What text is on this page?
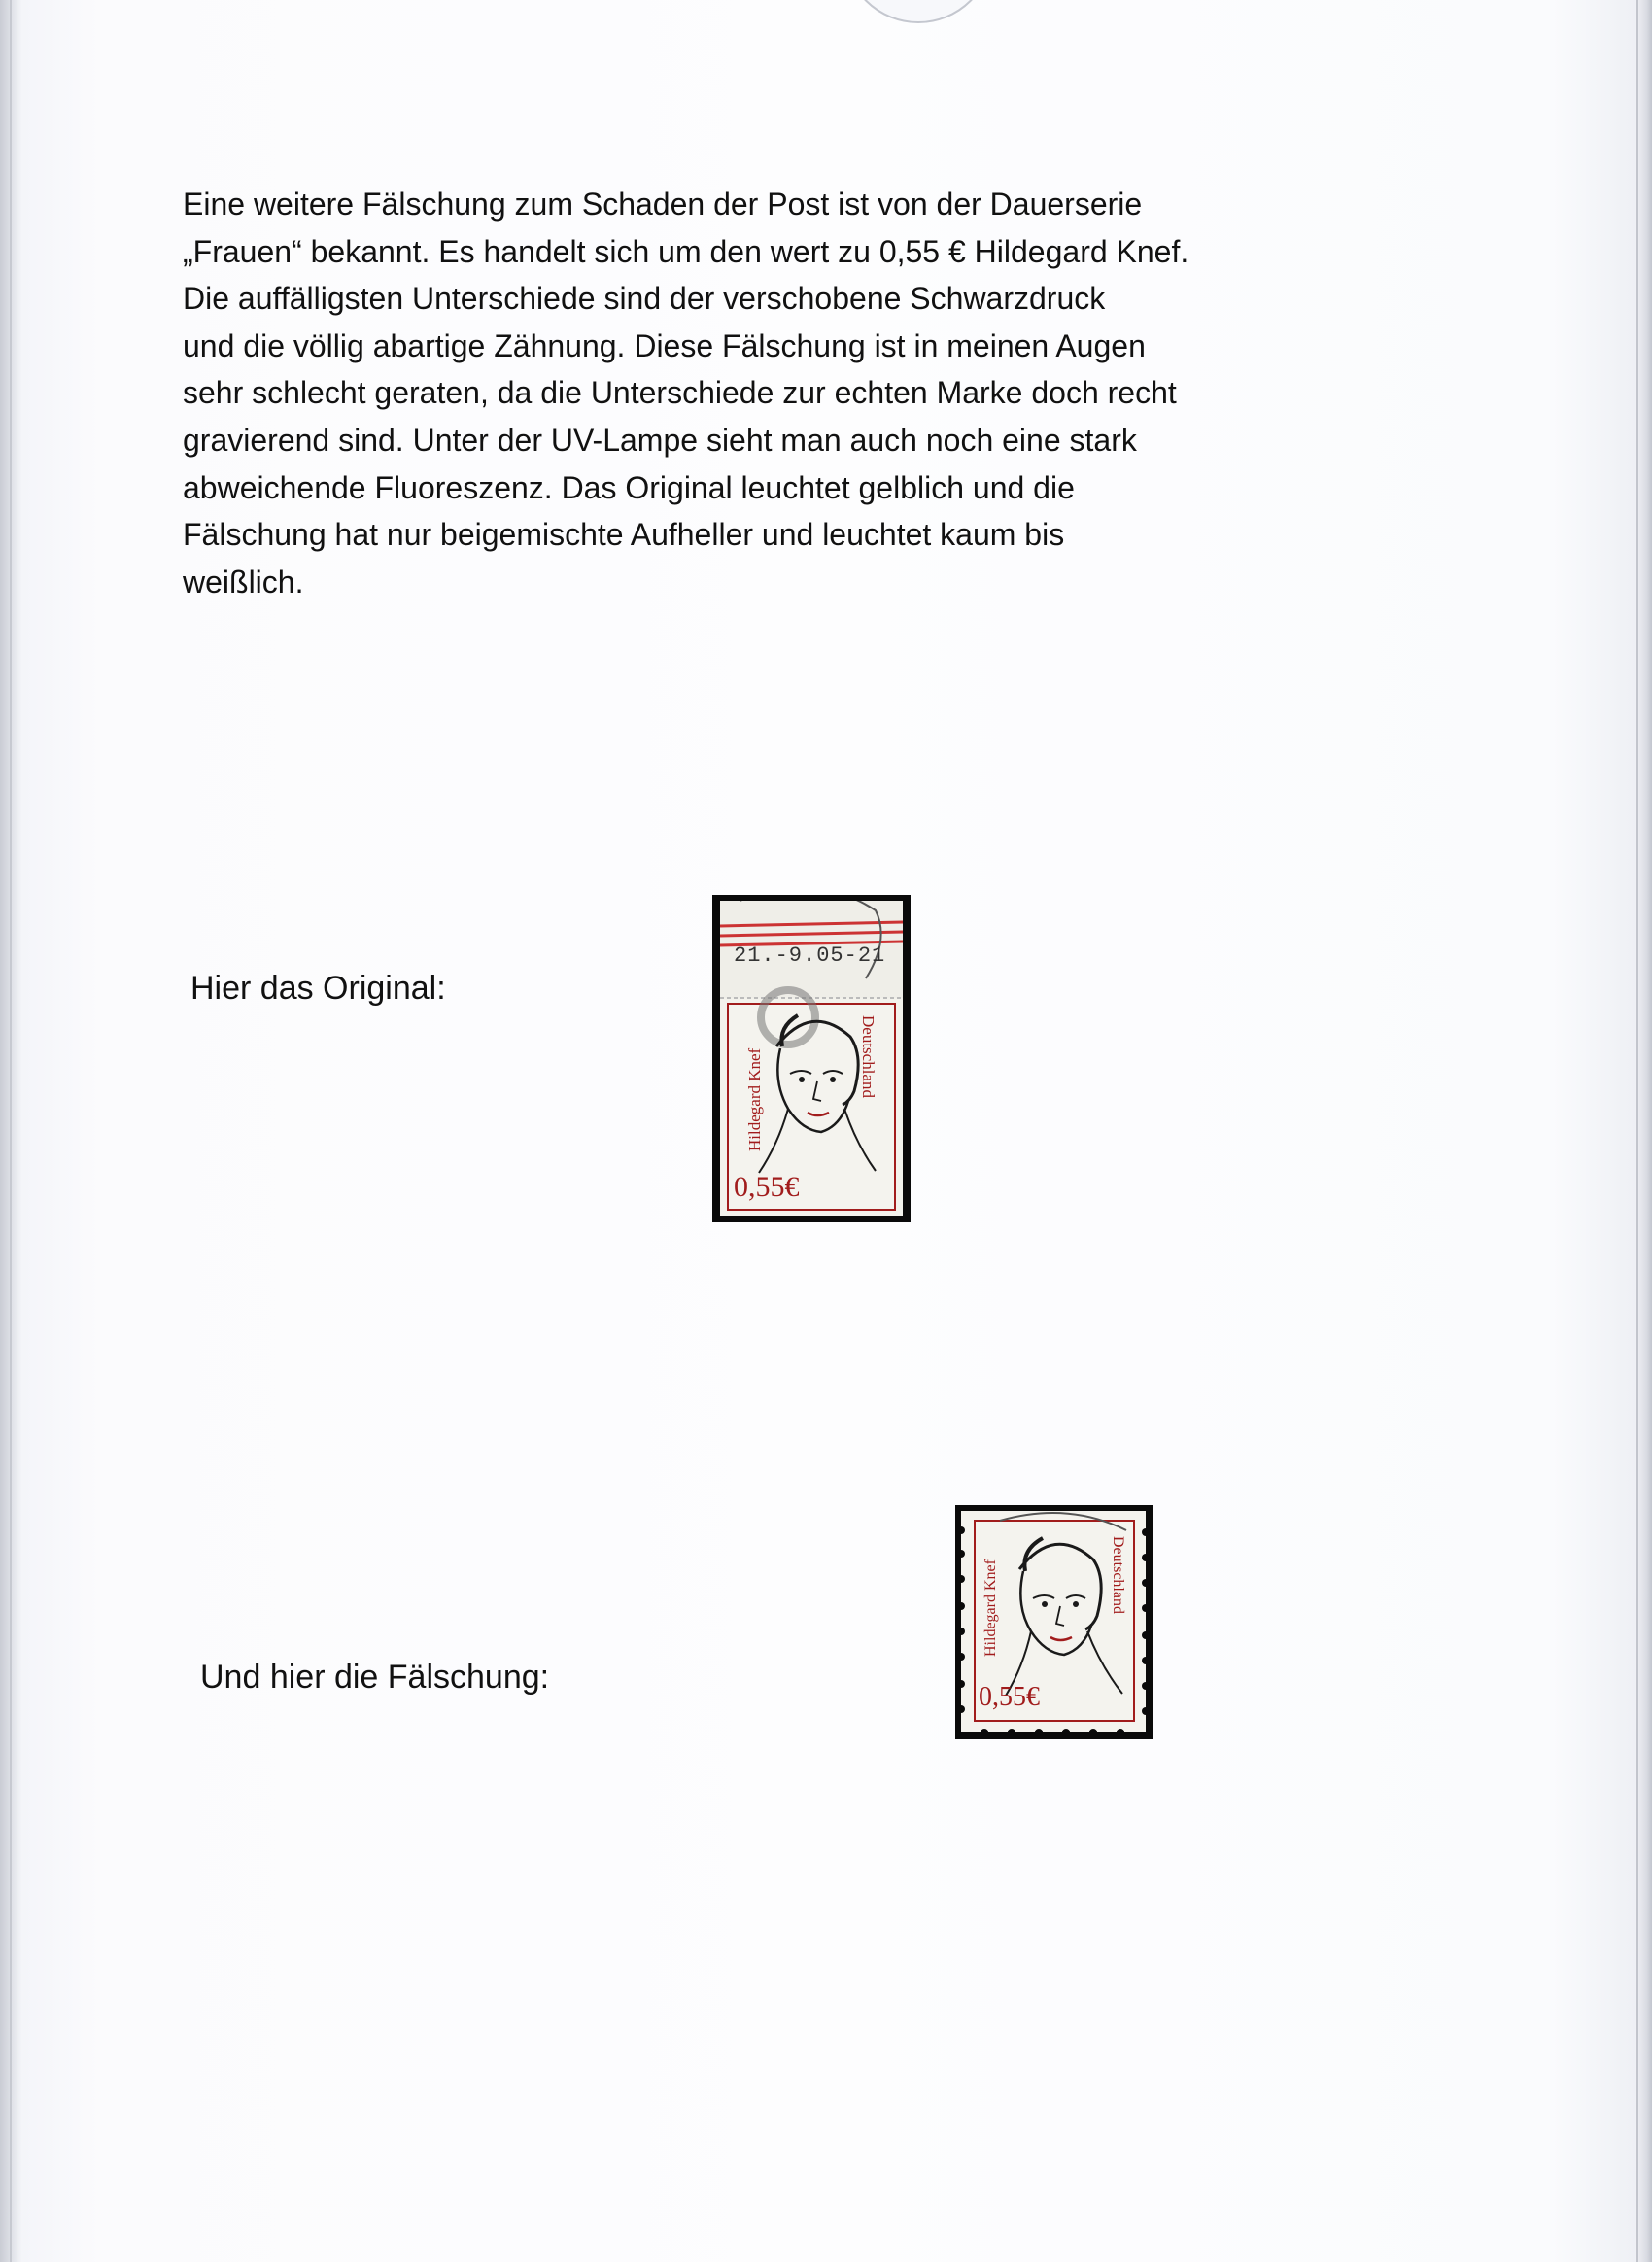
Eine weitere Fälschung zum Schaden der Post ist von der Dauerserie
„Frauen“ bekannt. Es handelt sich um den wert zu 0,55 € Hildegard Knef.
Die auffälligsten Unterschiede sind der verschobene Schwarzdruck
und die völlig abartige Zähnung. Diese Fälschung ist in meinen Augen
sehr schlecht geraten, da die Unterschiede zur echten Marke doch recht
gravierend sind. Unter der UV-Lampe sieht man auch noch eine stark
abweichende Fluoreszenz. Das Original leuchtet gelblich und die
Fälschung hat nur beigemischte Aufheller und leuchtet kaum bis
weißlich.

Hier das Original:

21.-9.05-21
Hildegard Knef	Deutschland
0,55€

Und hier die Fälschung:

Hildegard Knef	Deutschland
0,55€
